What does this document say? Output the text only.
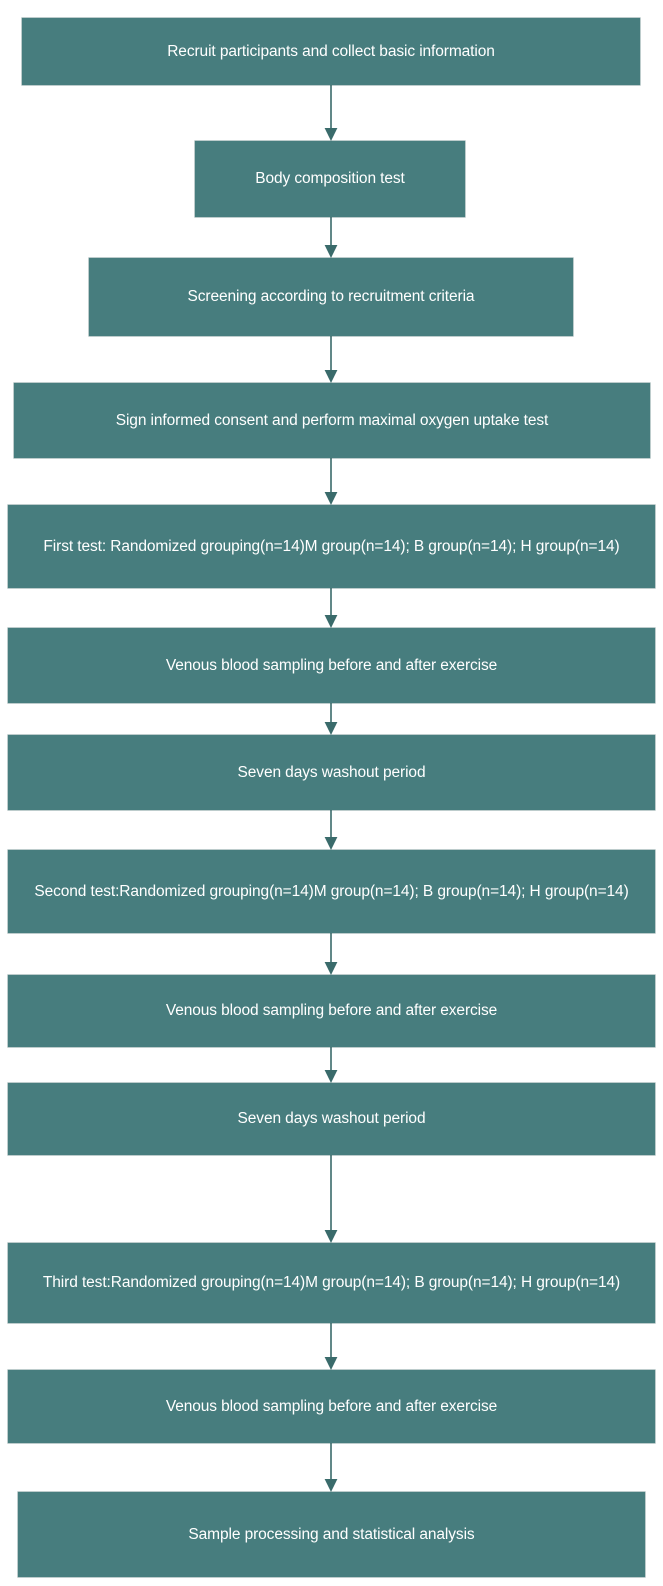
Recruit participants and collect basic information
Body composition test
Screening according to recruitment criteria
Sign informed consent and perform maximal oxygen uptake test
First test: Randomized grouping(n=14)M group(n=14); B group(n=14); H group(n=14)
Venous blood sampling before and after exercise
Seven days washout period
Second test:Randomized grouping(n=14)M group(n=14); B group(n=14); H group(n=14)
Venous blood sampling before and after exercise
Seven days washout period
Third test:Randomized grouping(n=14)M group(n=14); B group(n=14); H group(n=14)
Venous blood sampling before and after exercise
Sample processing and statistical analysis
